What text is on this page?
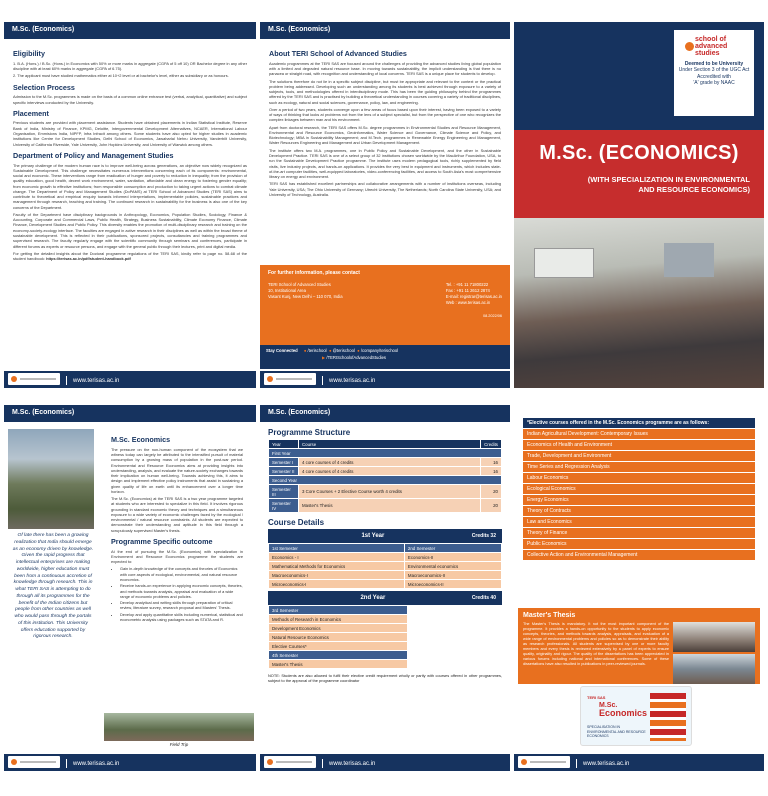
M.Sc. (Economics)
Eligibility

1. B.A. (Hons.) / B.Sc. (Hons.) in Economics with 50% or more marks in aggregate (CGPA of 5 off 10) OR Bachelor degree in any other discipline with at least 60% marks in aggregate (CGPA of 6.75).

2. The applicant must have studied mathematics either at 10+2 level or at bachelor's level, either as subsidiary or as honours.

Selection Process

Admission to the M.Sc. programmes is made on the basis of a common online entrance test (verbal, analytical, quantitative) and subject specific interviews conducted by the University.

Placement

Previous students are provided with placement assistance. Students have obtained placements in Indian Statistical Institute, Reserve Bank of India, Ministry of Finance, KPMG, Deloitte, Intergovernmental Development Alternatives, NCAER, International Labour Organisation, Emmisions India, NIPFP, Infra Infracit among others. Some students have also opted for higher studies in academic institutions like Centre for Development Studies, Delhi School of Economics, Jawaharlal Nehru University, Vanderbilt University, University of California Riverside, Yale University, John Hopkins University, and University of Warwick among others.

Department of Policy and Management Studies

The primary challenge of the modern human race is to improve well-being across generations, an objective now widely recognized as Sustainable Development. This challenge necessitates numerous interventions concerning each of its components: environmental, social and economic. These interventions range from eradication of hunger and poverty to reduction in inequality; from the provision of quality education, good health, decent work environment, water, sanitation, affordable and clean energy to fostering gender equality; from economic growth to effective institutions; from responsible consumption and production to taking urgent actions to combat climate change. The Department of Policy and Management Studies (DoPAMS) at TERI School of Advanced Studies (TERI SAS) aims to contribute to theoretical and empirical enquiry towards informed interpretations, implementable policies, sustainable practices and management through research, teaching and training. The continued research in sustainability for the business is also one of the key concerns of the Department.

Faculty of the Department have disciplinary backgrounds in Anthropology, Economics, Population Studies, Sociology, Finance & Accounting, Corporate and Commercial Laws, Public Health, Strategy, Business Sustainability, Climate Economy Finance, Climate Finance, Development Studies and Public Policy. This diversity enables the promotion of multi-disciplinary research and training on the economy-society-ecology interface. The faculties are engaged in active research in their disciplines as well as within the broad theme of sustainable development. This is reflected in their publications, sponsored projects, consultancies and training programmes and supervised research. The faculty regularly engage with the scientific community through seminars and conferences, participate in different forums as experts or resource persons, and engage with the general public through their lectures, print and digital media.

For getting the detailed insights about the Doctoral programme regulations of the TERI SAS, kindly refer to page no. 58-68 of the student handbook: https://terisas.ac.in/pdf/student-handbook.pdf

www.terisas.ac.in
M.Sc. (Economics)
About TERI School of Advanced Studies

Academic programmes at the TERI SAS are focused around the challenges of providing the advanced studies living global population with a limited and degraded natural resource base. In moving towards sustainability, the implicit understanding is that there is no panacea or straight road, with recognition and understanding of local concerns. TERI SAS is a unique place for students to develop.

The solutions therefore do not lie in a specific subject discipline, but must be appropriate and relevant to the context or the practical problem being addressed. Developing such an understanding among its students is best achieved through exposure to a variety of subjects, tools, and methodologies offered in interdisciplinary mode. This has been the guiding philosophy behind the programmes offered by the TERI SAS and is practised by building a theoretical understanding in courses covering a variety of traditional disciplines, such as ecology, natural and social sciences, governance, policy, law, and engineering.

Over a period of two years, students converge upon a few areas of focus based upon their interest, having been exposed to a variety of ways of thinking that looks at problems not from the lens of a subject specialist, but from the perspective of one who recognizes the complex linkages between man and his environment.

Apart from doctoral research, the TERI SAS offers M.Sc. degree programmes in Environmental Studies and Resource Management, Environmental and Resource Economics, Geoinformatics, Water Science and Governance, Climate Science and Policy, and Biotechnology; MBA in Sustainability Management; and M.Tech. programmes in Renewable Energy Engineering and Management, Water Resources Engineering and Management and Urban Development Management.

The institute offers two M.A. programmes, one in Public Policy and Sustainable Development, and the other in Sustainable Development Practice. TERI SAS is one of a select group of 32 institutions chosen worldwide by the MacArthur Foundation, USA, to run the Sustainable Development Practice programme. The institute uses modern pedagogical tools, richly supplemented by field visits, live industry projects, and hands-on applications. It provides the very best in equipment and instruments, which includes state-of-the-art computer facilities, well-equipped laboratories, video-conferencing facilities, and access to South Asia's most comprehensive library on energy and environment.

TERI SAS has established excellent partnerships and collaborative arrangements with a number of institutions overseas, including Yale University, USA; The Ohio University of Germany; Utrecht University, The Netherlands; North Carolina State University, USA; and University of Technology, Australia.

For further information, please contact
TERI School of Advanced Studies
10, Institutional Area
Vasant Kunj, New Delhi – 110 070, India
Tel. : +91 11 71800222
Fax : +91 11 2612 2874
E-mail: registrar@terisas.ac.in
Web : www.terisas.ac.in
08.2022/06
Stay Connected ● /terischool ● @terischool ● /company/terischool
▶ /TERISchoolofAdvancedStudies
www.terisas.ac.in
school of advanced studies
Deemed to be University
Under Section 3 of the UGC Act
Accredited with
'A' grade by NAAC
M.Sc. (ECONOMICS)
(WITH SPECIALIZATION IN ENVIRONMENTAL
AND RESOURCE ECONOMICS)
M.Sc. (Economics)
Of late there has been a growing realization that India should emerge as an economy driven by knowledge. Given the rapid progress that intellectual enterprises are making worldwide, higher education must been from a continuous accretion of knowledge through research. This in what TERI SAS is attempting to do through all its programmes for the benefit of the Indian citizens but people from other countries as well who would pass through the portals of this institution. This University offers education supported by rigorous research.
M.Sc. Economics

The pressure on the non-human component of the ecosystem that we witness today can largely be attributed to the intensified pursuit of material consumption by a growing mass of population in the post-war period. Environmental and Resource Economics aims at providing insights into understanding, analysis, and evaluate the nature-society exchanges towards their implication on human well-being. Towards achieving this, it aims to design and implement effective policy instruments that assist in sustaining a given quality of life on earth until its enhancement over a longer time horizon.

The M.Sc. (Economics) at the TERI SAS is a two year programme targeted at students who are interested to specialize in this field. It involves rigorous grounding in standard economic theory and techniques and a simultaneous exposure to a wide variety of economic challenges faced by the ecological / environmental / natural resource constraints. All students are expected to demonstrate their understanding and aptitude in this field through a scrupulously supervised Master's thesis.

Programme Specific outcome

At the end of pursuing the M.Sc. (Economics) with specialization in Environment and Resource Economics programme the students are expected to:

• Gain in-depth knowledge of the concepts and theories of Economics with core aspects of ecological, environmental, and natural resource economics.
• Receive hands-on experience in applying economic concepts, theories, and methods towards analysis, appraisal and evaluation of a wide range of economic problems and policies.
• Develop analytical and writing skills through preparation of critical review, literature survey, research proposal and Masters' Thesis.
• Develop and apply quantitative skills including numerical, statistical and econometric analysis using packages such as STATA and R.
Field Trip
www.terisas.ac.in
M.Sc. (Economics)
Programme Structure
Year	Course	Credits
First Year		
Semester I	4 core courses of 4 credits	16
Semester II	4 core courses of 4 credits	16
Second Year		
Semester III	3 Core Courses + 2 Elective Course worth 4 credits	20
Semester IV	Master's Thesis	20
Course Details
1st Year	Credits 32
1st Semester	2nd Semester
Economics - I	Economics-II
Mathematical Methods for Economics	Environmental economics
Macroeconomics-I	Macroeconomics-II
Microeconomics-I	Microeconomics-II
2nd Year	Credits 40
3rd Semester
Methods of Research in Economics
Development Economics
Natural Resource Economics
Elective Courses*
4th Semester
Master's Thesis

NOTE: Students are also allowed to fulfil their elective credit requirement wholly or partly with courses offered in other programmes, subject to the approval of the programme coordinator

www.terisas.ac.in
*Elective courses offered in the M.Sc. Economics programme are as follows:
Indian Agricultural Development: Contemporary Issues
Economics of Health and Environment
Trade, Development and Environment
Time Series and Regression Analysis
Labour Economics
Ecological Economics
Energy Economics
Theory of Contracts
Law and Economics
Theory of Finance
Public Economics
Collective Action and Environmental Management
Master's Thesis

The Master's Thesis is mandatory. It not the most important component of the programme. It provides a hands-on opportunity to the students to apply economic concepts, theories, and methods towards analysis, appraisals, and evaluation of a wide range of environmental problems and policies so as to demonstrate their ability as research professionals. All students are supervised by one or more faculty members and every thesis is reviewed extensively by a panel of experts to ensure quality, originality and rigour. The quality of the dissertations has been appreciated in various forums including national and international conferences. Some of these dissertations have also resulted in publications in peer-reviewed journals.

TERI SAS
M.Sc.
Economics
SPECIALISATION IN ENVIRONMENTAL AND RESOURCE ECONOMICS
www.terisas.ac.in
